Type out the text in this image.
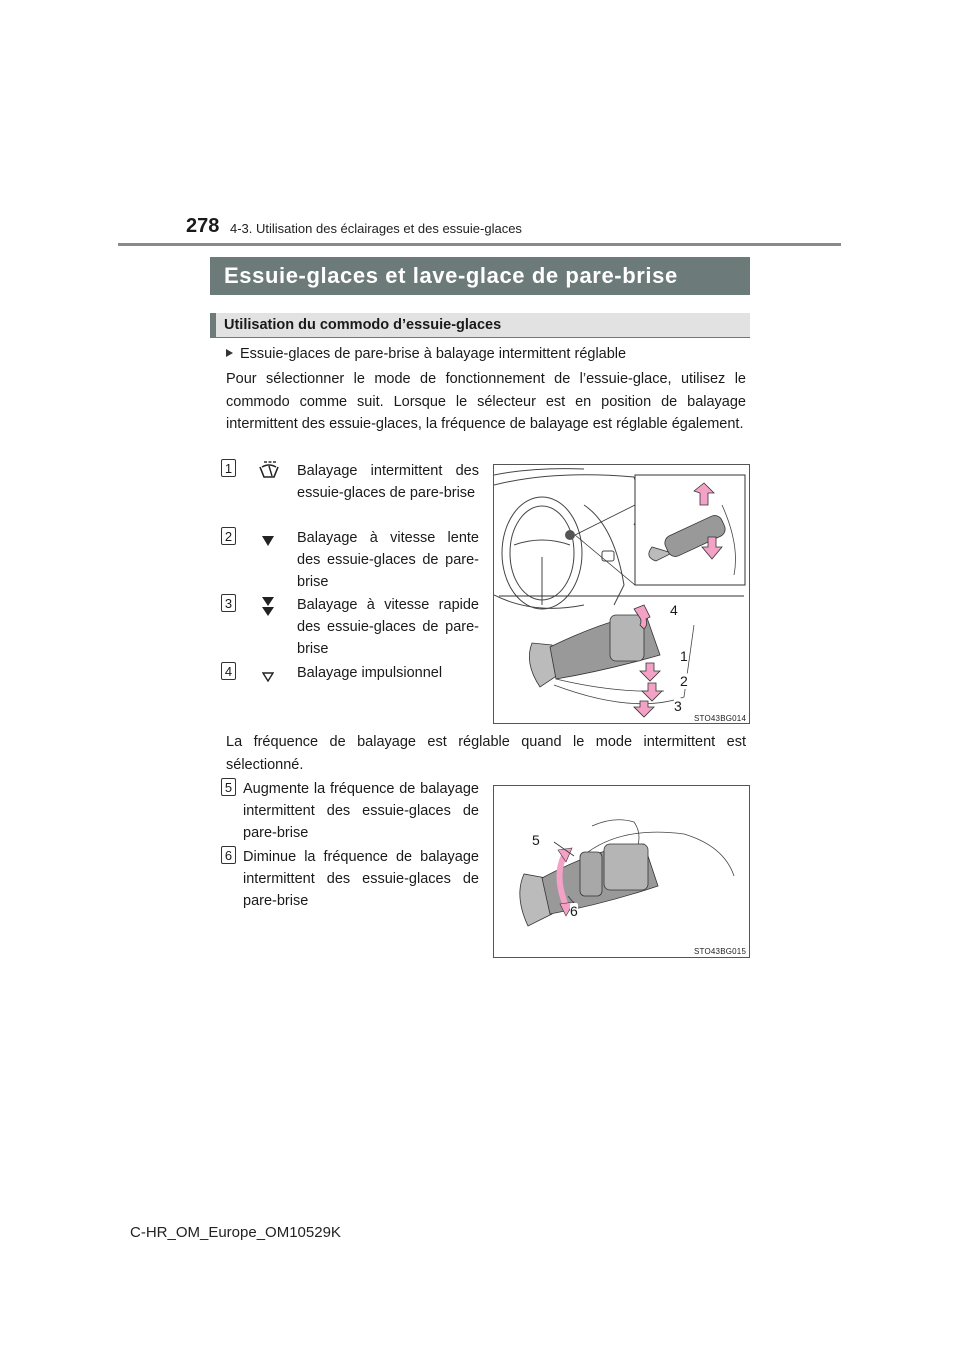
278 4-3. Utilisation des éclairages et des essuie-glaces
Essuie-glaces et lave-glace de pare-brise
Utilisation du commodo d’essuie-glaces
Essuie-glaces de pare-brise à balayage intermittent réglable
Pour sélectionner le mode de fonctionnement de l’essuie-glace, utilisez le commodo comme suit. Lorsque le sélecteur est en position de balayage intermittent des essuie-glaces, la fréquence de balayage est réglable également.
1	Balayage intermittent des essuie-glaces de pare-brise
2	Balayage à vitesse lente des essuie-glaces de pare-brise
3	Balayage à vitesse rapide des essuie-glaces de pare-brise
4	Balayage impulsionnel
4
1
2
3
STO43BG014
La fréquence de balayage est réglable quand le mode intermittent est sélectionné.
5 Augmente la fréquence de balayage intermittent des essuie-glaces de pare-brise
6 Diminue la fréquence de balayage intermittent des essuie-glaces de pare-brise
5
6
STO43BG015
C-HR_OM_Europe_OM10529K
